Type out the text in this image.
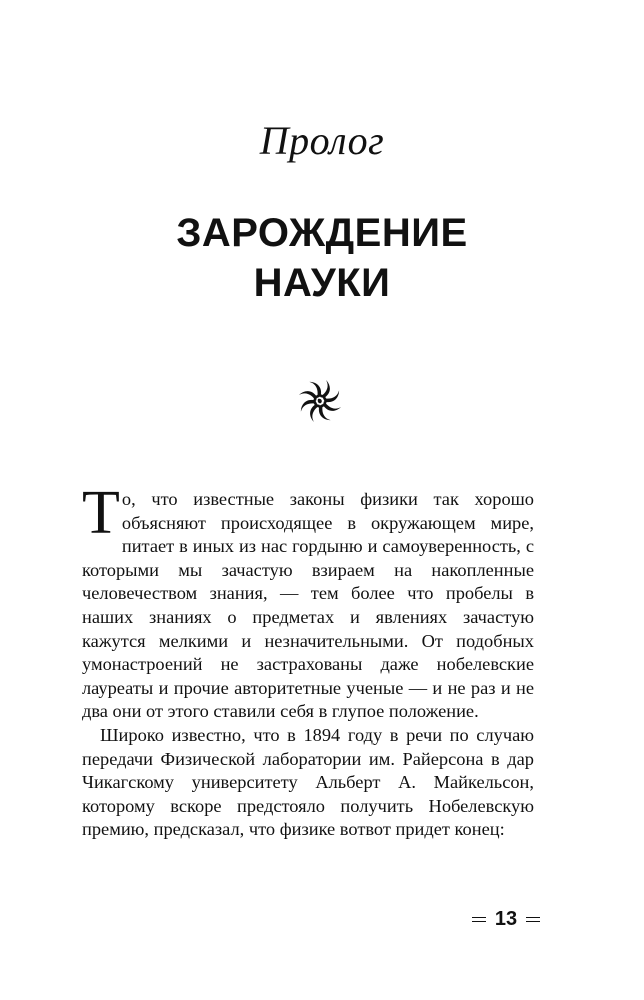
Пролог
ЗАРОЖДЕНИЕ
НАУКИ

То, что известные законы физики так хорошо объясняют происходящее в окружающем мире, питает в иных из нас гордыню и самоуверенность, с которыми мы зачастую взираем на накопленные человечеством знания, — тем более что пробелы в наших знаниях о предметах и явлениях зачастую кажутся мелкими и незначительными. От подобных умонастроений не застрахованы даже нобелевские лауреаты и прочие авторитетные ученые — и не раз и не два они от этого ставили себя в глупое положение.

Широко известно, что в 1894 году в речи по случаю передачи Физической лаборатории им. Райерсона в дар Чикагскому университету Альберт А. Майкельсон, которому вскоре предстояло получить Нобелевскую премию, предсказал, что физике вотвот придет конец:

13
